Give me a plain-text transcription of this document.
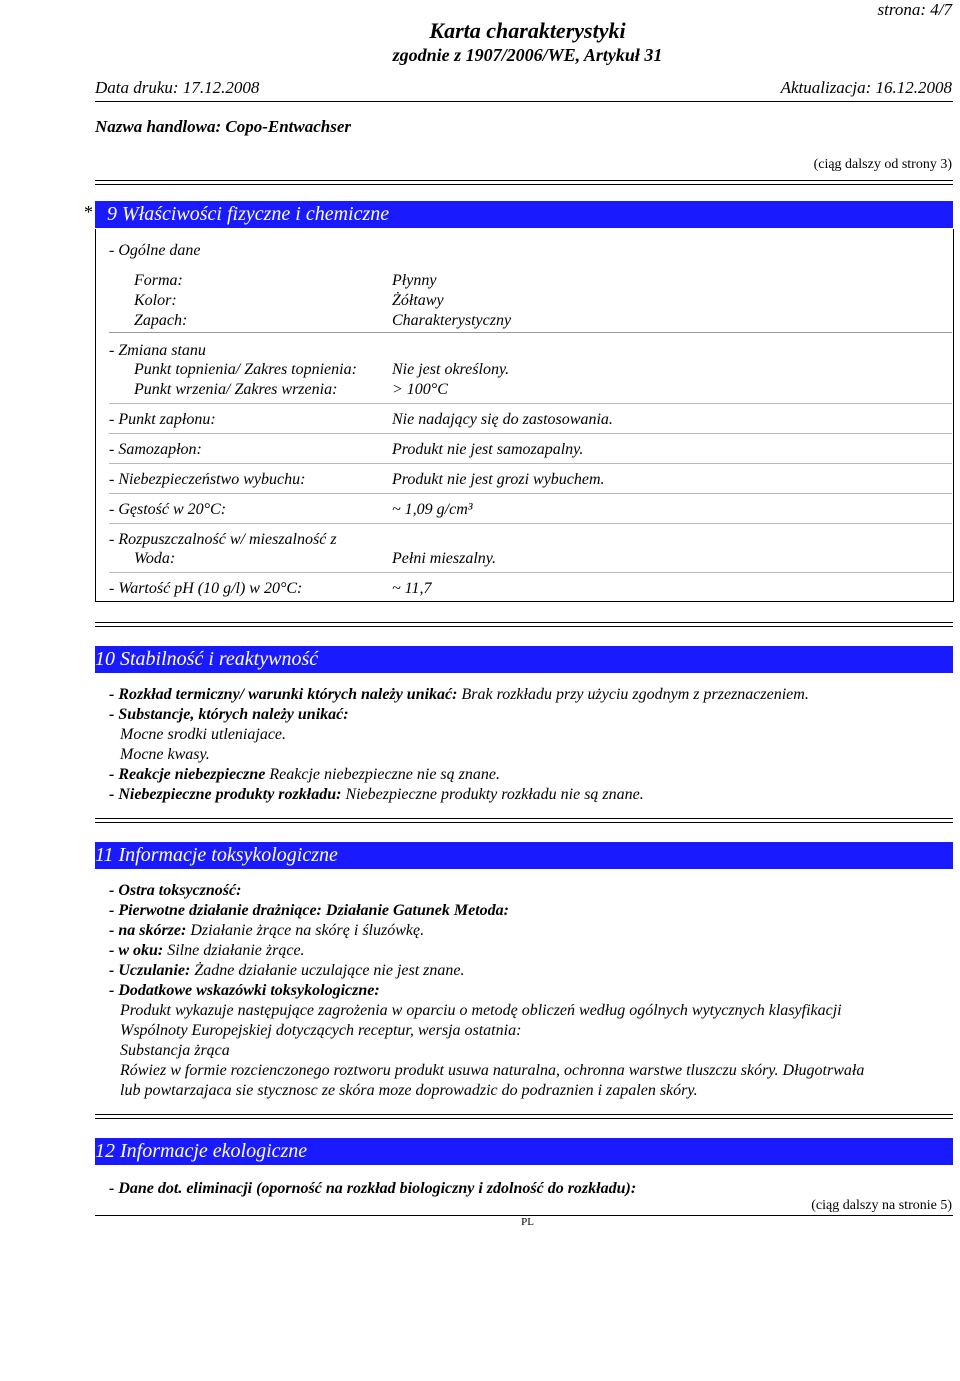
strona: 4/7
Karta charakterystyki
zgodnie z 1907/2006/WE, Artykuł 31
Data druku: 17.12.2008	Aktualizacja: 16.12.2008
Nazwa handlowa: Copo-Entwachser
(ciąg dalszy od strony 3)
* 9 Właściwości fizyczne i chemiczne
- Ogólne dane
Forma:	Płynny
Kolor:	Żółtawy
Zapach:	Charakterystyczny
- Zmiana stanu
Punkt topnienia/ Zakres topnienia: Nie jest określony.
Punkt wrzenia/ Zakres wrzenia:	> 100°C
- Punkt zapłonu:	Nie nadający się do zastosowania.
- Samozapłon:	Produkt nie jest samozapalny.
- Niebezpieczeństwo wybuchu:	Produkt nie jest grozi wybuchem.
- Gęstość w 20°C:	~ 1,09 g/cm³
- Rozpuszczalność w/ mieszalność z
Woda:	Pełni mieszalny.
- Wartość pH (10 g/l) w 20°C:	~ 11,7
10 Stabilność i reaktywność
- Rozkład termiczny/ warunki których należy unikać: Brak rozkładu przy użyciu zgodnym z przeznaczeniem.
- Substancje, których należy unikać:
Mocne srodki utleniajace.
Mocne kwasy.
- Reakcje niebezpieczne Reakcje niebezpieczne nie są znane.
- Niebezpieczne produkty rozkładu: Niebezpieczne produkty rozkładu nie są znane.
11 Informacje toksykologiczne
- Ostra toksyczność:
- Pierwotne działanie drażniące: Działanie Gatunek Metoda:
- na skórze: Działanie żrące na skórę i śluzówkę.
- w oku: Silne działanie żrące.
- Uczulanie: Żadne działanie uczulające nie jest znane.
- Dodatkowe wskazówki toksykologiczne:
Produkt wykazuje następujące zagrożenia w oparciu o metodę obliczeń według ogólnych wytycznych klasyfikacji
Wspólnoty Europejskiej dotyczących receptur, wersja ostatnia:
Substancja żrąca
Rówiez w formie rozcienczonego roztworu produkt usuwa naturalna, ochronna warstwe tluszczu skóry. Długotrwała
lub powtarzajaca sie stycznosc ze skóra moze doprowadzic do podraznien i zapalen skóry.
12 Informacje ekologiczne
- Dane dot. eliminacji (oporność na rozkład biologiczny i zdolność do rozkładu):
(ciąg dalszy na stronie 5)
PL
